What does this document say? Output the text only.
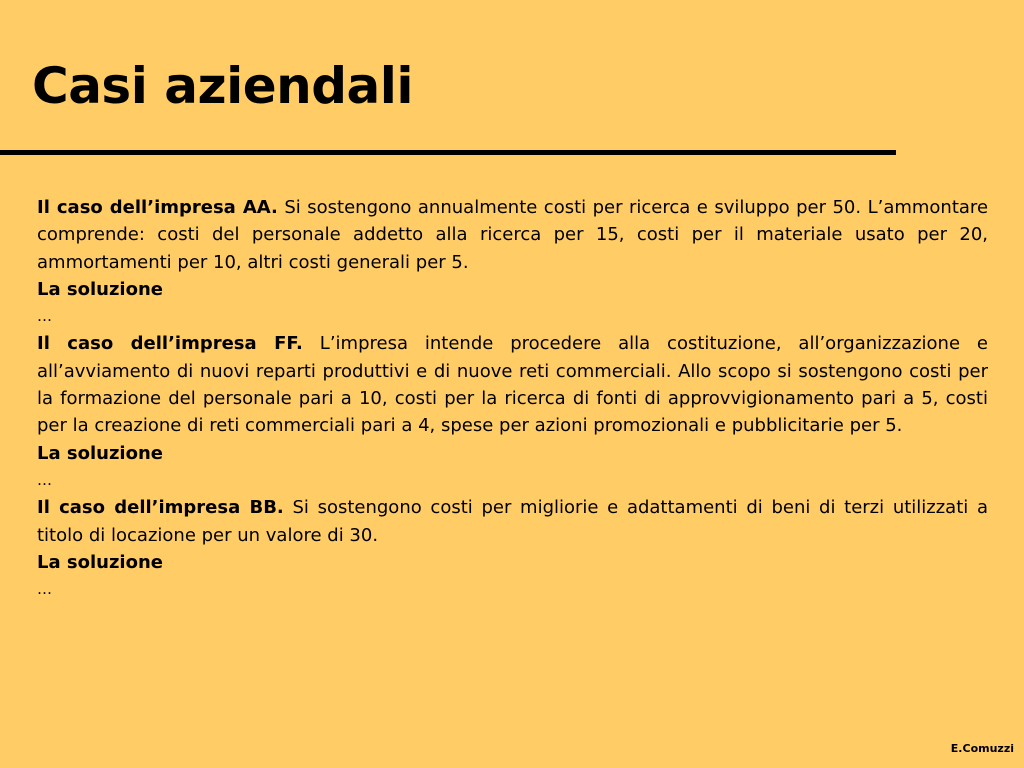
Casi aziendali

Il caso dell’impresa AA. Si sostengono annualmente costi per ricerca e sviluppo per 50. L’ammontare comprende: costi del personale addetto alla ricerca per 15, costi per il materiale usato per 20, ammortamenti per 10, altri costi generali per 5.

La soluzione
…

Il caso dell’impresa FF. L’impresa intende procedere alla costituzione, all’organizzazione e all’avviamento di nuovi reparti produttivi e di nuove reti commerciali. Allo scopo si sostengono costi per la formazione del personale pari a 10, costi per la ricerca di fonti di approvvigionamento pari a 5, costi per la creazione di reti commerciali pari a 4, spese per azioni promozionali e pubblicitarie per 5.

La soluzione
…

Il caso dell’impresa BB. Si sostengono costi per migliorie e adattamenti di beni di terzi utilizzati a titolo di locazione per un valore di 30.

La soluzione
…
E.Comuzzi
